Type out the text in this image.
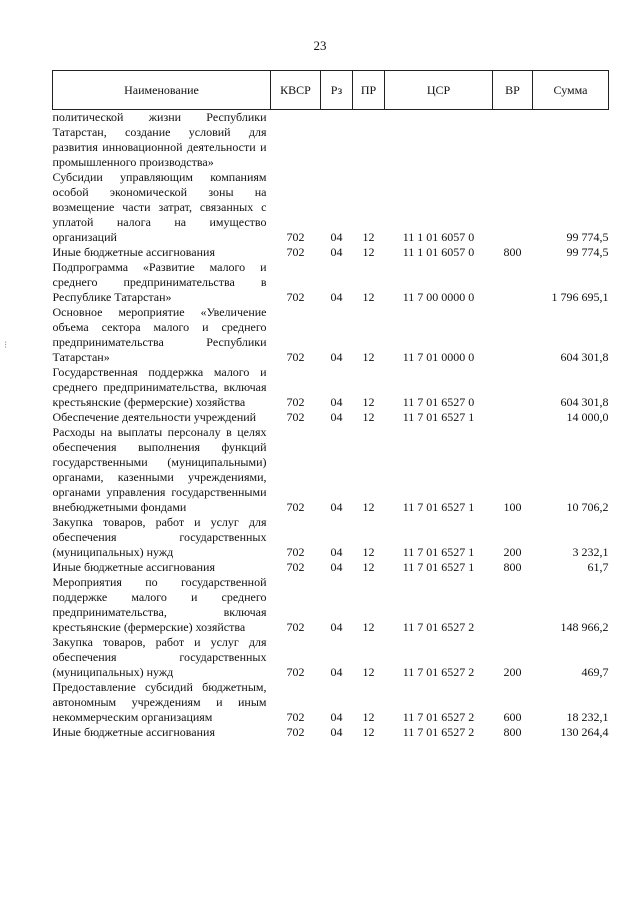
23
Наименование	КВСР	Рз	ПР	ЦСР	ВР	Сумма

политической жизни Республики Татарстан, создание условий для развития инновационной деятельности и промышленного производства»						

Субсидии управляющим компаниям особой экономической зоны на возмещение части затрат, связанных с уплатой налога на имущество организаций	702	04	12	11 1 01 6057 0		99 774,5

Иные бюджетные ассигнования	702	04	12	11 1 01 6057 0	800	99 774,5

Подпрограмма «Развитие малого и среднего предпринимательства в Республике Татарстан»	702	04	12	11 7 00 0000 0		1 796 695,1

Основное мероприятие «Увеличение объема сектора малого и среднего предпринимательства Республики Татарстан»	702	04	12	11 7 01 0000 0		604 301,8

Государственная поддержка малого и среднего предпринимательства, включая крестьянские (фермерские) хозяйства	702	04	12	11 7 01 6527 0		604 301,8

Обеспечение деятельности учреждений	702	04	12	11 7 01 6527 1		14 000,0

Расходы на выплаты персоналу в целях обеспечения выполнения функций государственными (муниципальными) органами, казенными учреждениями, органами управления государственными внебюджетными фондами	702	04	12	11 7 01 6527 1	100	10 706,2

Закупка товаров, работ и услуг для обеспечения государственных (муниципальных) нужд	702	04	12	11 7 01 6527 1	200	3 232,1

Иные бюджетные ассигнования	702	04	12	11 7 01 6527 1	800	61,7

Мероприятия по государственной поддержке малого и среднего предпринимательства, включая крестьянские (фермерские) хозяйства	702	04	12	11 7 01 6527 2		148 966,2

Закупка товаров, работ и услуг для обеспечения государственных (муниципальных) нужд	702	04	12	11 7 01 6527 2	200	469,7

Предоставление субсидий бюджетным, автономным учреждениям и иным некоммерческим организациям	702	04	12	11 7 01 6527 2	600	18 232,1

Иные бюджетные ассигнования	702	04	12	11 7 01 6527 2	800	130 264,4
⁝
